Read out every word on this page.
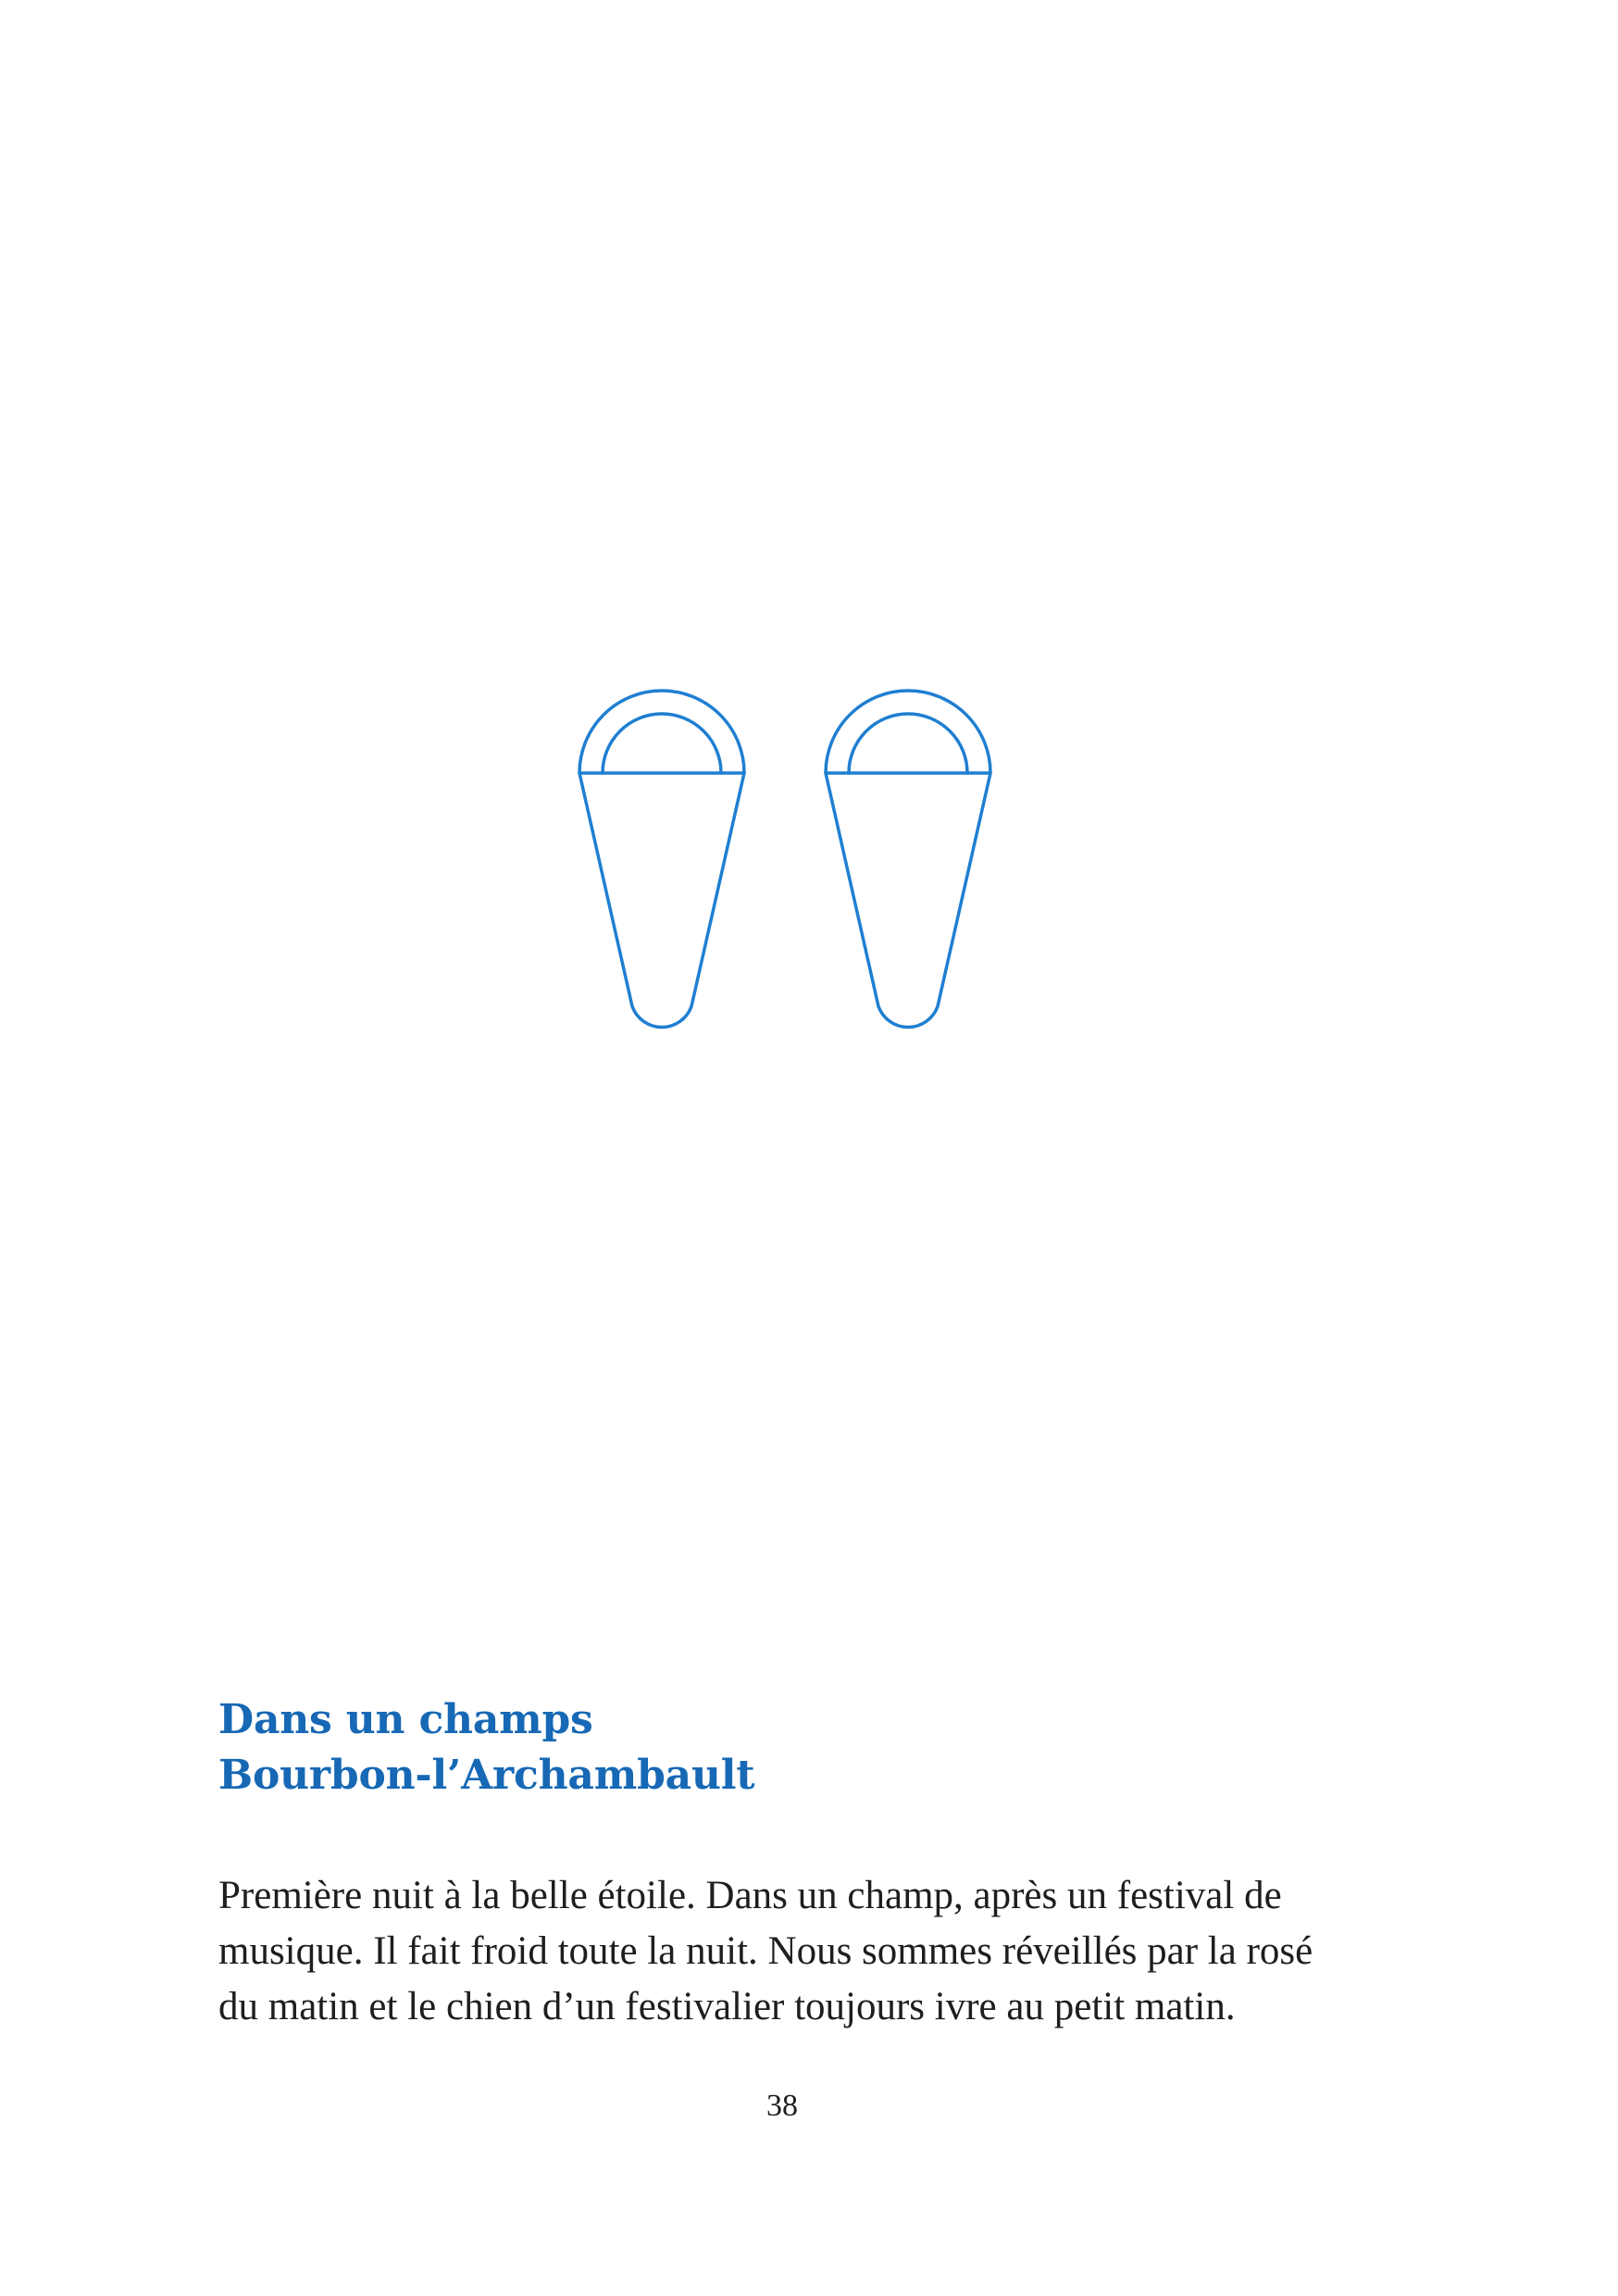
Dans un champs
Bourbon-l’Archambault

Première nuit à la belle étoile. Dans un champ, après un festival de
musique. Il fait froid toute la nuit. Nous sommes réveillés par la rosé
du matin et le chien d’un festivalier toujours ivre au petit matin.

38
